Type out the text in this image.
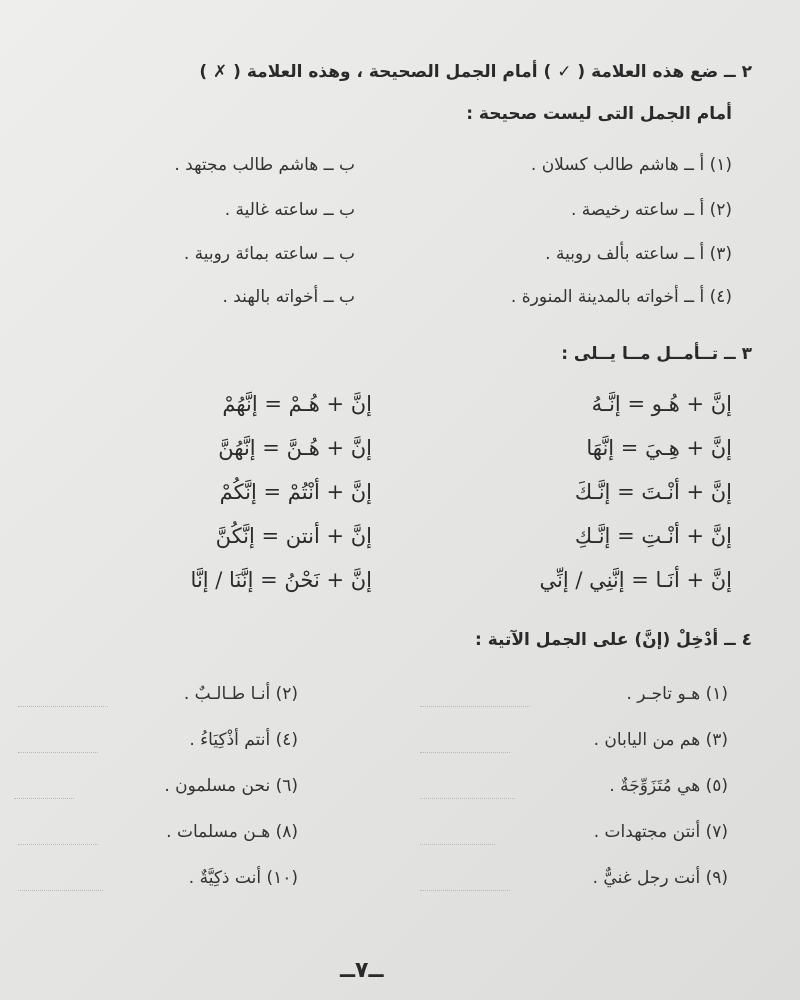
٢ ــ ضع هذه العلامة ( ✓ ) أمام الجمل الصحيحة ، وهذه العلامة ( ✗ )
أمام الجمل التى ليست صحيحة :
(١) أ ــ هاشم طالب كسلان .
ب ــ هاشم طالب مجتهد .
(٢) أ ــ ساعته رخيصة .
ب ــ ساعته غالية .
(٣) أ ــ ساعته بألف روبية .
ب ــ ساعته بمائة روبية .
(٤) أ ــ أخواته بالمدينة المنورة .
ب ــ أخواته بالهند .
٣ ــ تــأمــل مــا يــلى :
إنَّ + هُـو = إنَّـهُ
إنَّ + هُـمْ = إنَّهُمْ
إنَّ + هِـيَ = إنَّهَا
إنَّ + هُـنَّ = إنَّهُنَّ
إنَّ + أنْـتَ = إنَّـكَ
إنَّ + أنْتُمْ = إنَّكُمْ
إنَّ + أنْـتِ = إنَّـكِ
إنَّ + أنتن = إنَّكُنَّ
إنَّ + أنَـا = إنَّنِي / إنِّي
إنَّ + نَحْنُ = إنَّنَا / إنَّا
٤ ــ أدْخِلْ (إنَّ) على الجمل الآتية :
(١) هـو تاجـر .
(٢) أنـا طـالـبٌ .
(٣) هم من اليابان .
(٤) أنتم أذْكِيَاءُ .
(٥) هي مُتَزَوِّجَةٌ .
(٦) نحن مسلمون .
(٧) أنتن مجتهدات .
(٨) هـن مسلمات .
(٩) أنت رجل غنيٌّ .
(١٠) أنت ذكِيَّةٌ .
ــ٧ــ
